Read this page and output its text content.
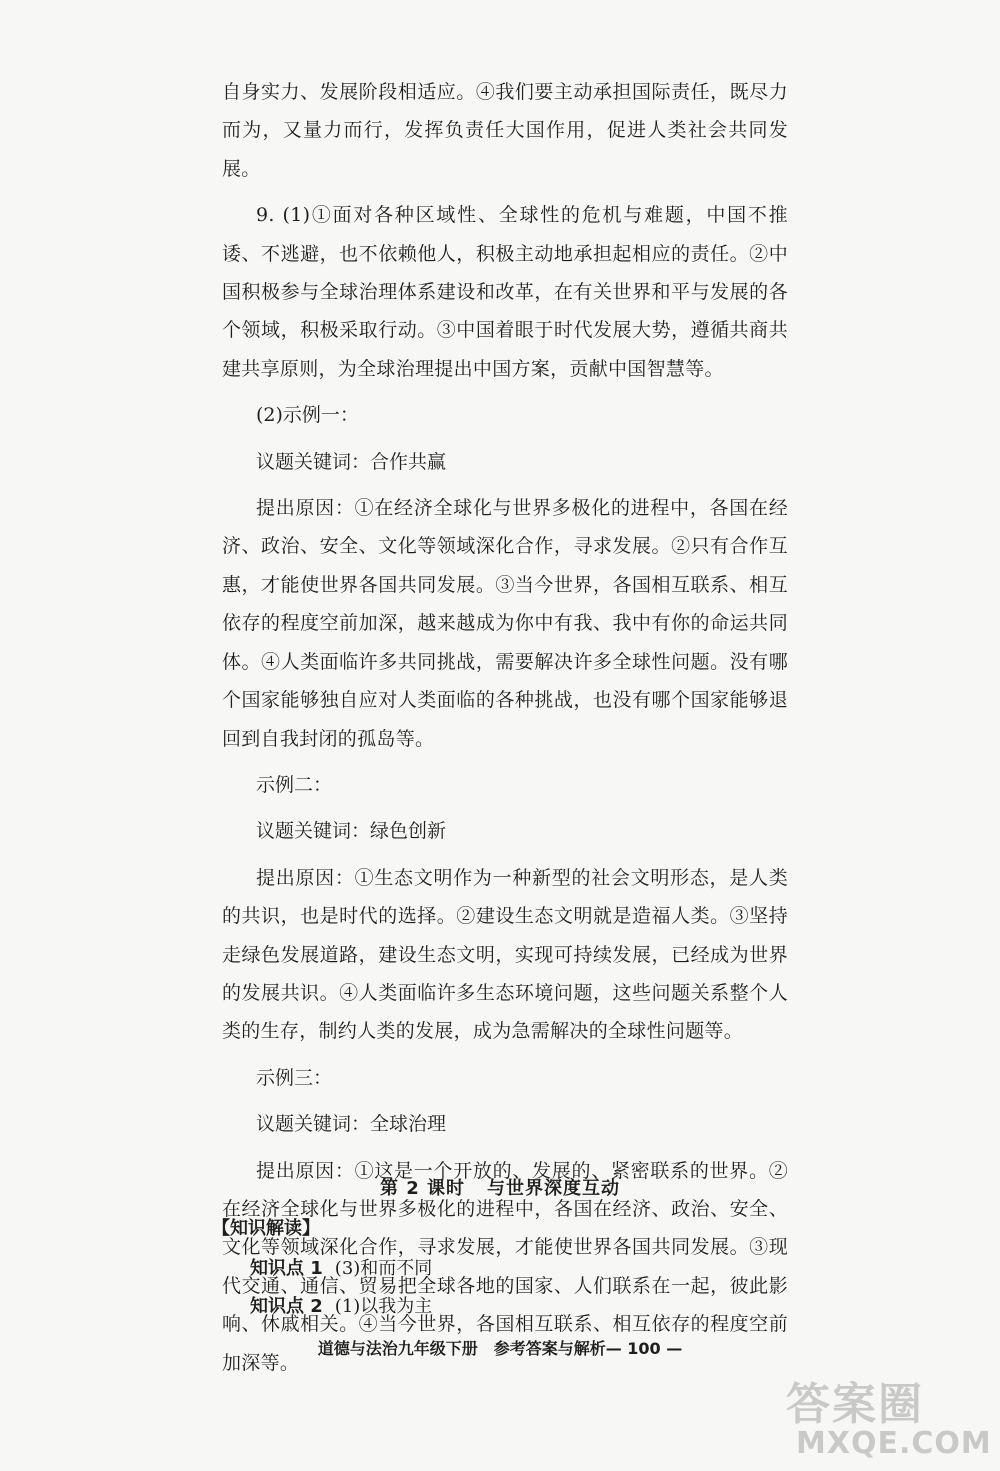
自身实力、发展阶段相适应。④我们要主动承担国际责任，既尽力而为，又量力而行，发挥负责任大国作用，促进人类社会共同发展。

9. (1)①面对各种区域性、全球性的危机与难题，中国不推诿、不逃避，也不依赖他人，积极主动地承担起相应的责任。②中国积极参与全球治理体系建设和改革，在有关世界和平与发展的各个领域，积极采取行动。③中国着眼于时代发展大势，遵循共商共建共享原则，为全球治理提出中国方案，贡献中国智慧等。

(2)示例一：

议题关键词：合作共赢

提出原因：①在经济全球化与世界多极化的进程中，各国在经济、政治、安全、文化等领域深化合作，寻求发展。②只有合作互惠，才能使世界各国共同发展。③当今世界，各国相互联系、相互依存的程度空前加深，越来越成为你中有我、我中有你的命运共同体。④人类面临许多共同挑战，需要解决许多全球性问题。没有哪个国家能够独自应对人类面临的各种挑战，也没有哪个国家能够退回到自我封闭的孤岛等。

示例二：

议题关键词：绿色创新

提出原因：①生态文明作为一种新型的社会文明形态，是人类的共识，也是时代的选择。②建设生态文明就是造福人类。③坚持走绿色发展道路，建设生态文明，实现可持续发展，已经成为世界的发展共识。④人类面临许多生态环境问题，这些问题关系整个人类的生存，制约人类的发展，成为急需解决的全球性问题等。

示例三：

议题关键词：全球治理

提出原因：①这是一个开放的、发展的、紧密联系的世界。②在经济全球化与世界多极化的进程中，各国在经济、政治、安全、文化等领域深化合作，寻求发展，才能使世界各国共同发展。③现代交通、通信、贸易把全球各地的国家、人们联系在一起，彼此影响、休戚相关。④当今世界，各国相互联系、相互依存的程度空前加深等。

第 2 课时 与世界深度互动
【知识解读】
知识点 1 (3)和而不同
知识点 2 (1)以我为主
道德与法治九年级下册　参考答案与解析— 100 —
答案圈
MXQE.COM
